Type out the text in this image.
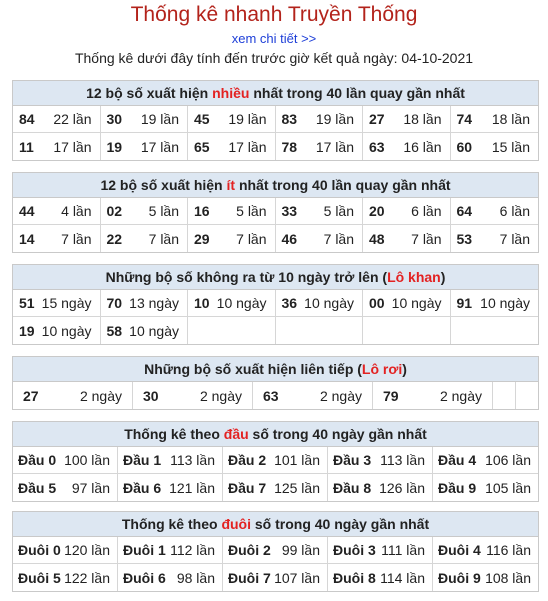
Thống kê nhanh Truyền Thống
xem chi tiết >>
Thống kê dưới đây tính đến trước giờ kết quả ngày: 04-10-2021
12 bộ số xuất hiện nhiều nhất trong 40 lần quay gần nhất
84 22 lần 30 19 lần 45 19 lần 83 19 lần 27 18 lần 74 18 lần
11 17 lần 19 17 lần 65 17 lần 78 17 lần 63 16 lần 60 15 lần
12 bộ số xuất hiện ít nhất trong 40 lần quay gần nhất
44 4 lần 02 5 lần 16 5 lần 33 5 lần 20 6 lần 64 6 lần
14 7 lần 22 7 lần 29 7 lần 46 7 lần 48 7 lần 53 7 lần
Những bộ số không ra từ 10 ngày trở lên (Lô khan)
51 15 ngày 70 13 ngày 10 10 ngày 36 10 ngày 00 10 ngày 91 10 ngày
19 10 ngày 58 10 ngày
Những bộ số xuất hiện liên tiếp (Lô rơi)
27	2 ngày 30	2 ngày 63	2 ngày 79	2 ngày
Thống kê theo đầu số trong 40 ngày gần nhất
Đầu 0 100 lần Đầu 1 113 lần Đầu 2 101 lần Đầu 3 113 lần Đầu 4 106 lần
Đầu 5 97 lần Đầu 6 121 lần Đầu 7 125 lần Đầu 8 126 lần Đầu 9 105 lần
Thống kê theo đuôi số trong 40 ngày gần nhất
Đuôi 0 120 lần Đuôi 1 112 lần Đuôi 2 99 lần Đuôi 3 111 lần Đuôi 4 116 lần
Đuôi 5 122 lần Đuôi 6 98 lần Đuôi 7 107 lần Đuôi 8 114 lần Đuôi 9 108 lần
